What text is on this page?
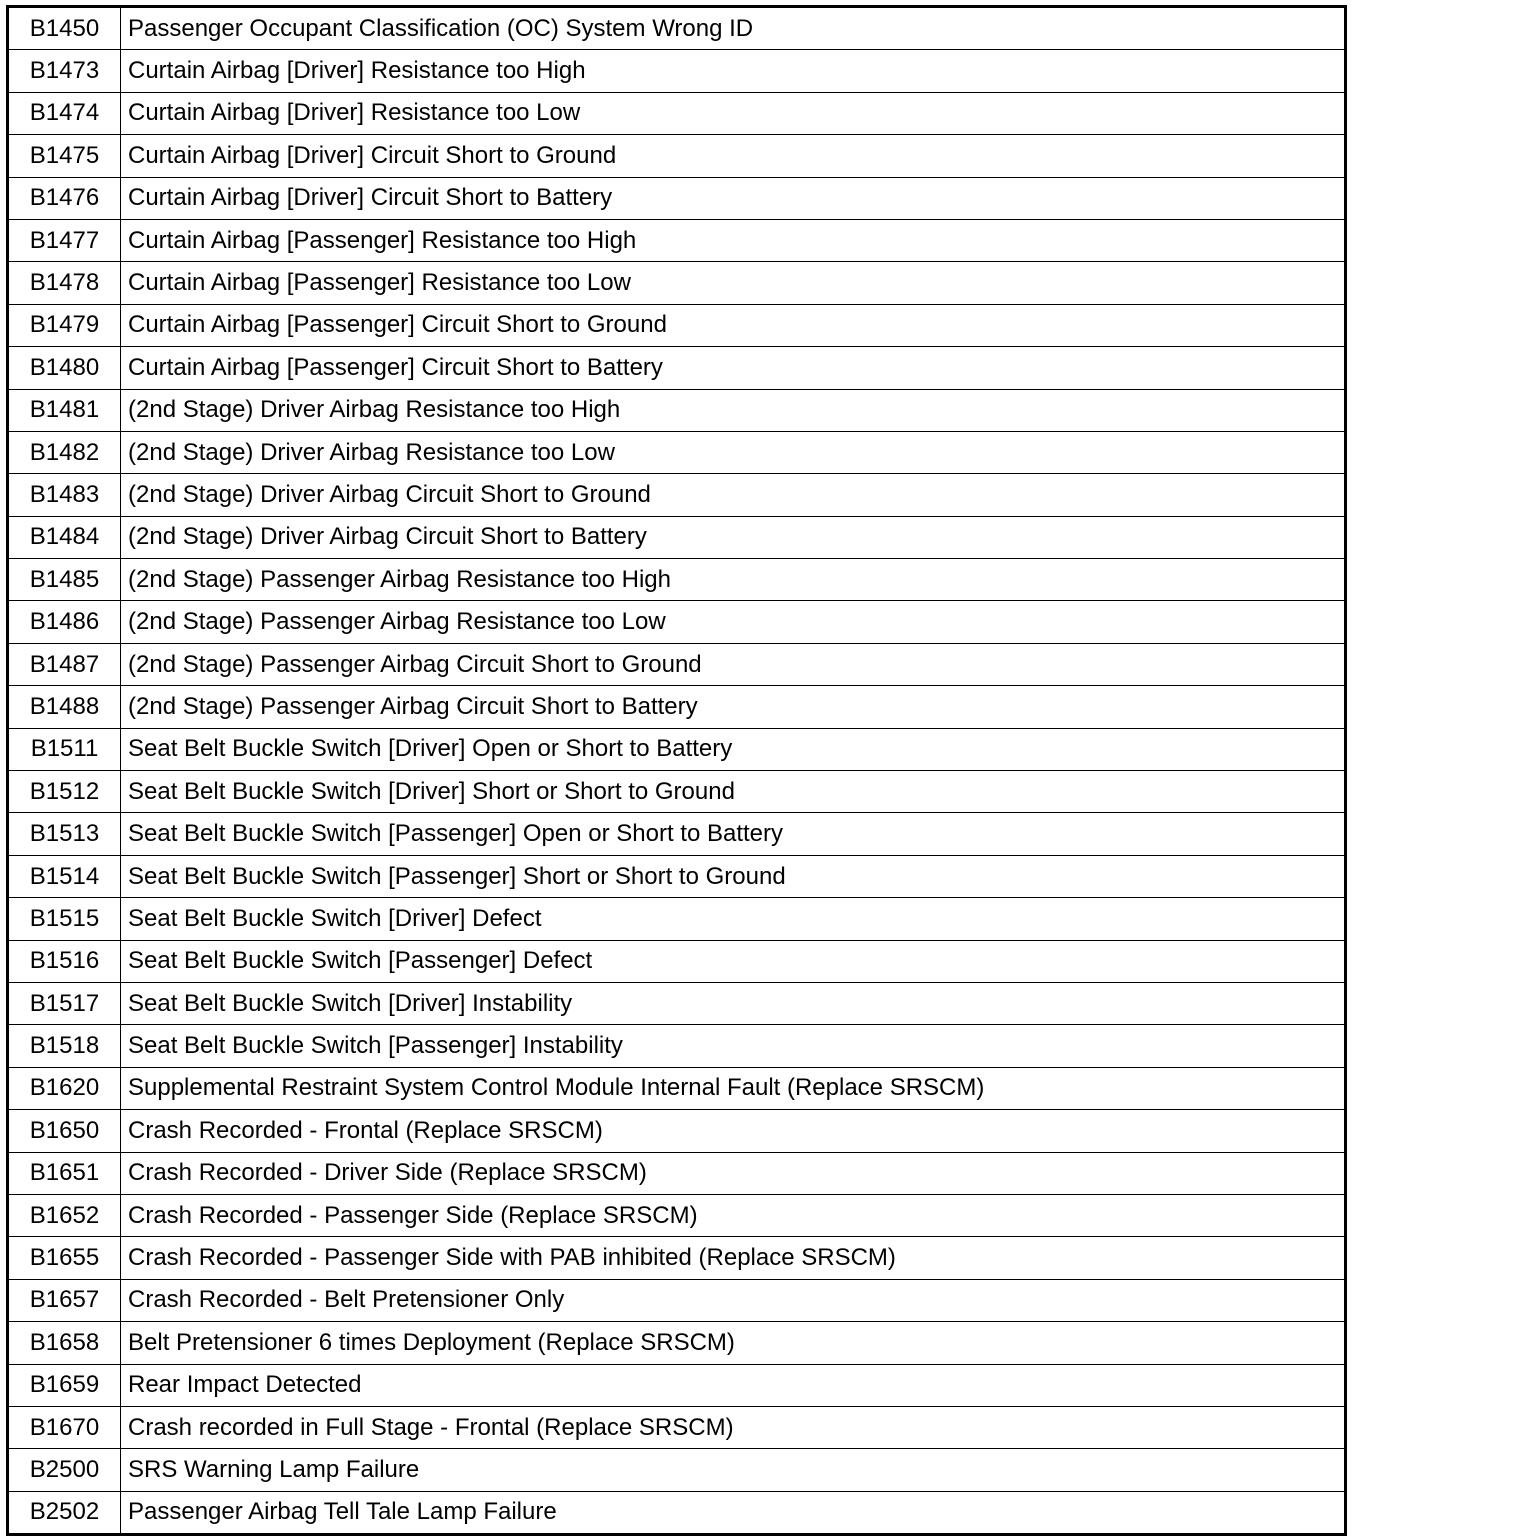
B1450	Passenger Occupant Classification (OC) System Wrong ID
B1473	Curtain Airbag [Driver] Resistance too High
B1474	Curtain Airbag [Driver] Resistance too Low
B1475	Curtain Airbag [Driver] Circuit Short to Ground
B1476	Curtain Airbag [Driver] Circuit Short to Battery
B1477	Curtain Airbag [Passenger] Resistance too High
B1478	Curtain Airbag [Passenger] Resistance too Low
B1479	Curtain Airbag [Passenger] Circuit Short to Ground
B1480	Curtain Airbag [Passenger] Circuit Short to Battery
B1481	(2nd Stage) Driver Airbag Resistance too High
B1482	(2nd Stage) Driver Airbag Resistance too Low
B1483	(2nd Stage) Driver Airbag Circuit Short to Ground
B1484	(2nd Stage) Driver Airbag Circuit Short to Battery
B1485	(2nd Stage) Passenger Airbag Resistance too High
B1486	(2nd Stage) Passenger Airbag Resistance too Low
B1487	(2nd Stage) Passenger Airbag Circuit Short to Ground
B1488	(2nd Stage) Passenger Airbag Circuit Short to Battery
B1511	Seat Belt Buckle Switch [Driver] Open or Short to Battery
B1512	Seat Belt Buckle Switch [Driver] Short or Short to Ground
B1513	Seat Belt Buckle Switch [Passenger] Open or Short to Battery
B1514	Seat Belt Buckle Switch [Passenger] Short or Short to Ground
B1515	Seat Belt Buckle Switch [Driver] Defect
B1516	Seat Belt Buckle Switch [Passenger] Defect
B1517	Seat Belt Buckle Switch [Driver] Instability
B1518	Seat Belt Buckle Switch [Passenger] Instability
B1620	Supplemental Restraint System Control Module Internal Fault (Replace SRSCM)
B1650	Crash Recorded - Frontal (Replace SRSCM)
B1651	Crash Recorded - Driver Side (Replace SRSCM)
B1652	Crash Recorded - Passenger Side (Replace SRSCM)
B1655	Crash Recorded - Passenger Side with PAB inhibited (Replace SRSCM)
B1657	Crash Recorded - Belt Pretensioner Only
B1658	Belt Pretensioner 6 times Deployment (Replace SRSCM)
B1659	Rear Impact Detected
B1670	Crash recorded in Full Stage - Frontal (Replace SRSCM)
B2500	SRS Warning Lamp Failure
B2502	Passenger Airbag Tell Tale Lamp Failure
